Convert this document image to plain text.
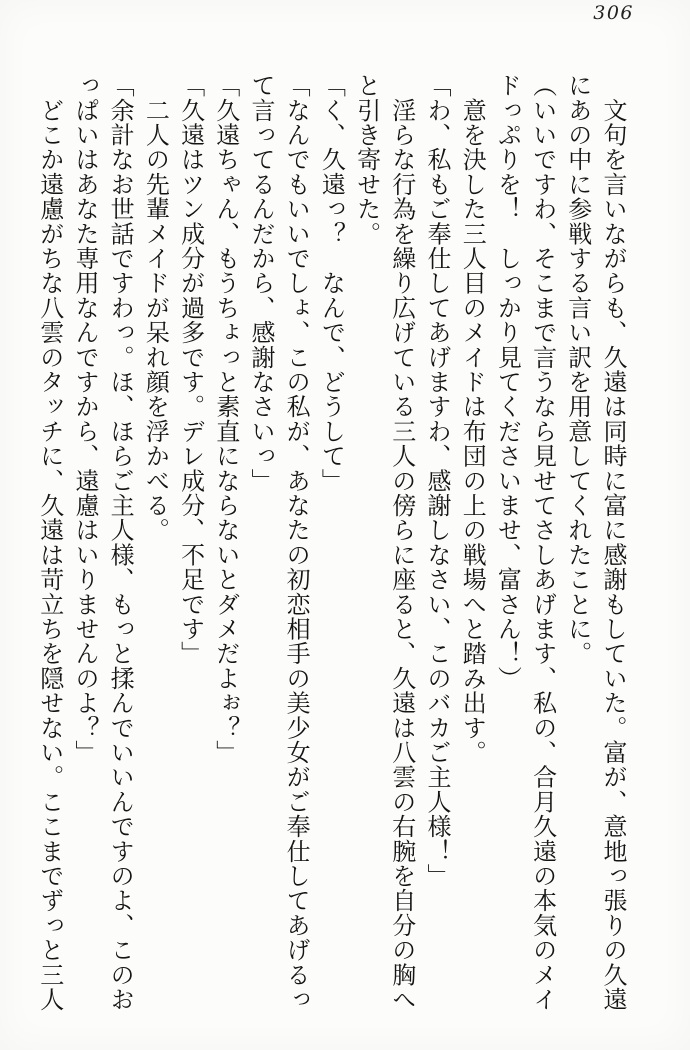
306

　文句を言いながらも、久遠は同時に富に感謝もしていた。富が、意地っ張りの久遠

にあの中に参戦する言い訳を用意してくれたことに。

（いいですわ、そこまで言うなら見せてさしあげます、私の、合月久遠の本気のメイ

ドっぷりを！　しっかり見てくださいませ、富さん！）

　意を決した三人目のメイドは布団の上の戦場へと踏み出す。

「わ、私もご奉仕してあげますわ、感謝しなさい、このバカご主人様！」

　淫らな行為を繰り広げている三人の傍らに座ると、久遠は八雲の右腕を自分の胸へ

と引き寄せた。

「く、久遠っ？　なんで、どうして」

「なんでもいいでしょ、この私が、あなたの初恋相手の美少女がご奉仕してあげるっ

て言ってるんだから、感謝なさいっ」

「久遠ちゃん、もうちょっと素直にならないとダメだよぉ？」

「久遠はツン成分が過多です。デレ成分、不足です」

　二人の先輩メイドが呆れ顔を浮かべる。

「余計なお世話ですわっ。ほ、ほらご主人様、もっと揉んでいいんですのよ、このお

っぱいはあなた専用なんですから、遠慮はいりませんのよ？」

　どこか遠慮がちな八雲のタッチに、久遠は苛立ちを隠せない。ここまでずっと三人
